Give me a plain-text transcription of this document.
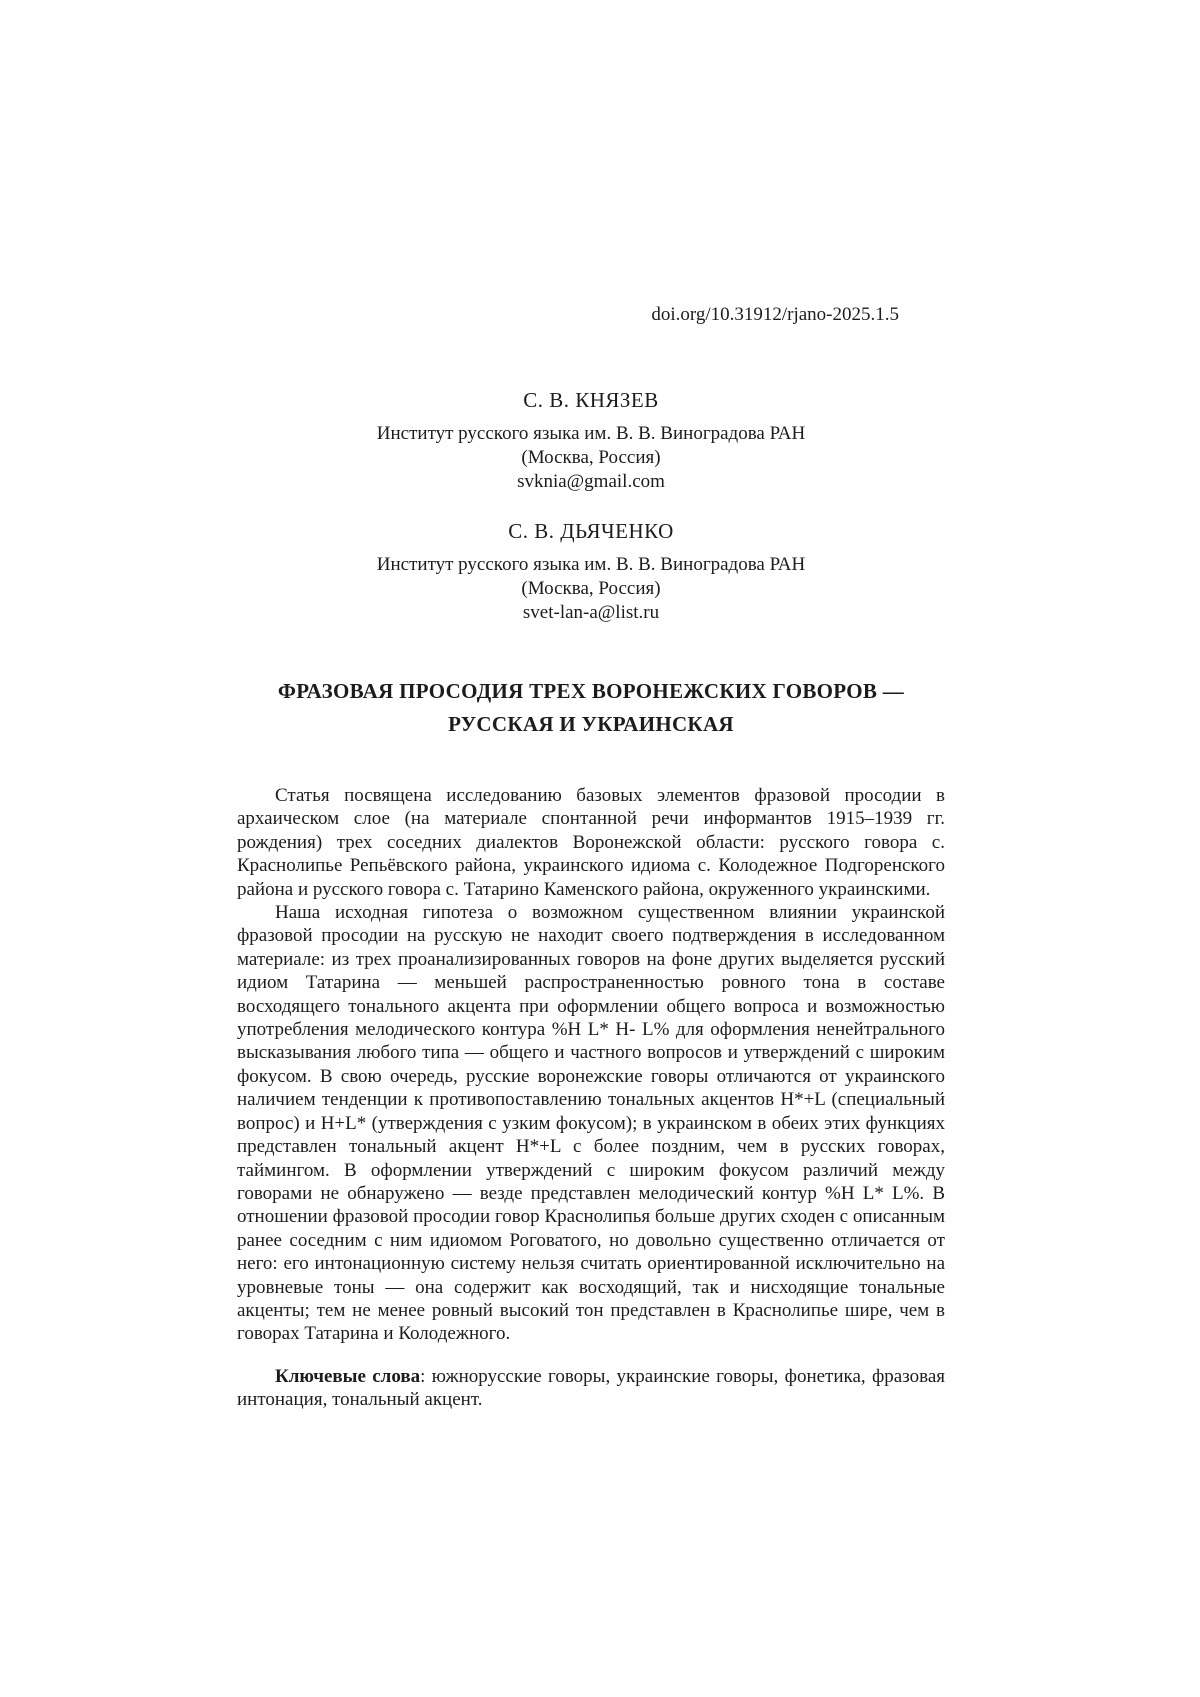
doi.org/10.31912/rjano-2025.1.5
С. В. КНЯЗЕВ
Институт русского языка им. В. В. Виноградова РАН
(Москва, Россия)
svknia@gmail.com
С. В. ДЬЯЧЕНКО
Институт русского языка им. В. В. Виноградова РАН
(Москва, Россия)
svet-lan-a@list.ru
ФРАЗОВАЯ ПРОСОДИЯ ТРЕХ ВОРОНЕЖСКИХ ГОВОРОВ —
РУССКАЯ И УКРАИНСКАЯ

Статья посвящена исследованию базовых элементов фразовой просодии в архаическом слое (на материале спонтанной речи информантов 1915–1939 гг. рождения) трех соседних диалектов Воронежской области: русского говора с. Краснолипье Репьёвского района, украинского идиома с. Колодежное Подгоренского района и русского говора с. Татарино Каменского района, окруженного украинскими.

Наша исходная гипотеза о возможном существенном влиянии украинской фразовой просодии на русскую не находит своего подтверждения в исследованном материале: из трех проанализированных говоров на фоне других выделяется русский идиом Татарина — меньшей распространенностью ровного тона в составе восходящего тонального акцента при оформлении общего вопроса и возможностью употребления мелодического контура %H L* H- L% для оформления ненейтрального высказывания любого типа — общего и частного вопросов и утверждений с широким фокусом. В свою очередь, русские воронежские говоры отличаются от украинского наличием тенденции к противопоставлению тональных акцентов H*+L (специальный вопрос) и H+L* (утверждения с узким фокусом); в украинском в обеих этих функциях представлен тональный акцент H*+L с более поздним, чем в русских говорах, таймингом. В оформлении утверждений с широким фокусом различий между говорами не обнаружено — везде представлен мелодический контур %H L* L%. В отношении фразовой просодии говор Краснолипья больше других сходен с описанным ранее соседним с ним идиомом Роговатого, но довольно существенно отличается от него: его интонационную систему нельзя считать ориентированной исключительно на уровневые тоны — она содержит как восходящий, так и нисходящие тональные акценты; тем не менее ровный высокий тон представлен в Краснолипье шире, чем в говорах Татарина и Колодежного.

Ключевые слова: южнорусские говоры, украинские говоры, фонетика, фразовая интонация, тональный акцент.
